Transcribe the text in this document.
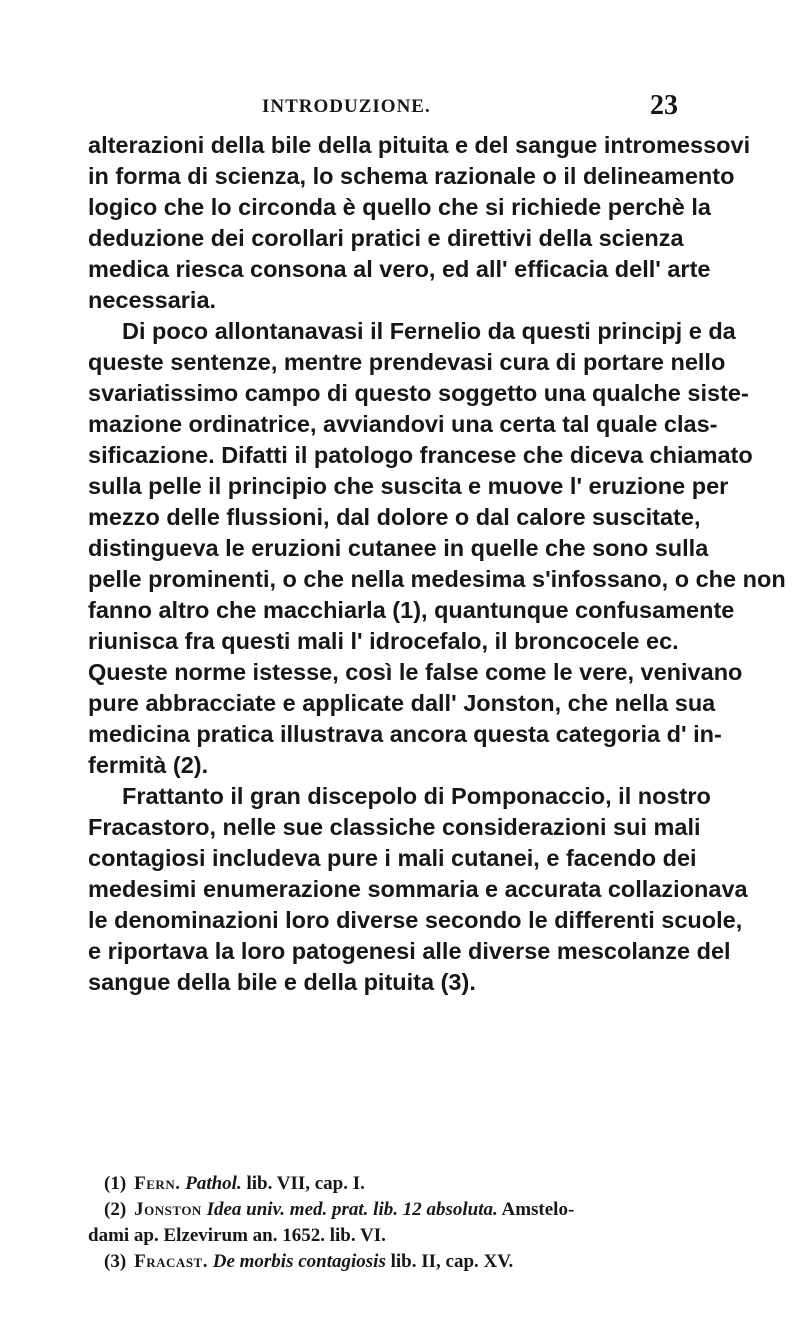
INTRODUZIONE.	23
alterazioni della bile della pituita e del sangue intromessovi
in forma di scienza, lo schema razionale o il delineamento
logico che lo circonda è quello che si richiede perchè la
deduzione dei corollari pratici e direttivi della scienza
medica riesca consona al vero, ed all' efficacia dell' arte
necessaria.
Di poco allontanavasi il Fernelio da questi principj e da
queste sentenze, mentre prendevasi cura di portare nello
svariatissimo campo di questo soggetto una qualche siste-
mazione ordinatrice, avviandovi una certa tal quale clas-
sificazione. Difatti il patologo francese che diceva chiamato
sulla pelle il principio che suscita e muove l' eruzione per
mezzo delle flussioni, dal dolore o dal calore suscitate,
distingueva le eruzioni cutanee in quelle che sono sulla
pelle prominenti, o che nella medesima s'infossano, o che non
fanno altro che macchiarla (1), quantunque confusamente
riunisca fra questi mali l' idrocefalo, il broncocele ec.
Queste norme istesse, così le false come le vere, venivano
pure abbracciate e applicate dall' Jonston, che nella sua
medicina pratica illustrava ancora questa categoria d' in-
fermità (2).
Frattanto il gran discepolo di Pomponaccio, il nostro
Fracastoro, nelle sue classiche considerazioni sui mali
contagiosi includeva pure i mali cutanei, e facendo dei
medesimi enumerazione sommaria e accurata collazionava
le denominazioni loro diverse secondo le differenti scuole,
e riportava la loro patogenesi alle diverse mescolanze del
sangue della bile e della pituita (3).
(1) Fern. Pathol. lib. VII, cap. I.
(2) Jonston Idea univ. med. prat. lib. 12 absoluta. Amstelo-
dami ap. Elzevirum an. 1652. lib. VI.
(3) Fracast. De morbis contagiosis lib. II, cap. XV.
